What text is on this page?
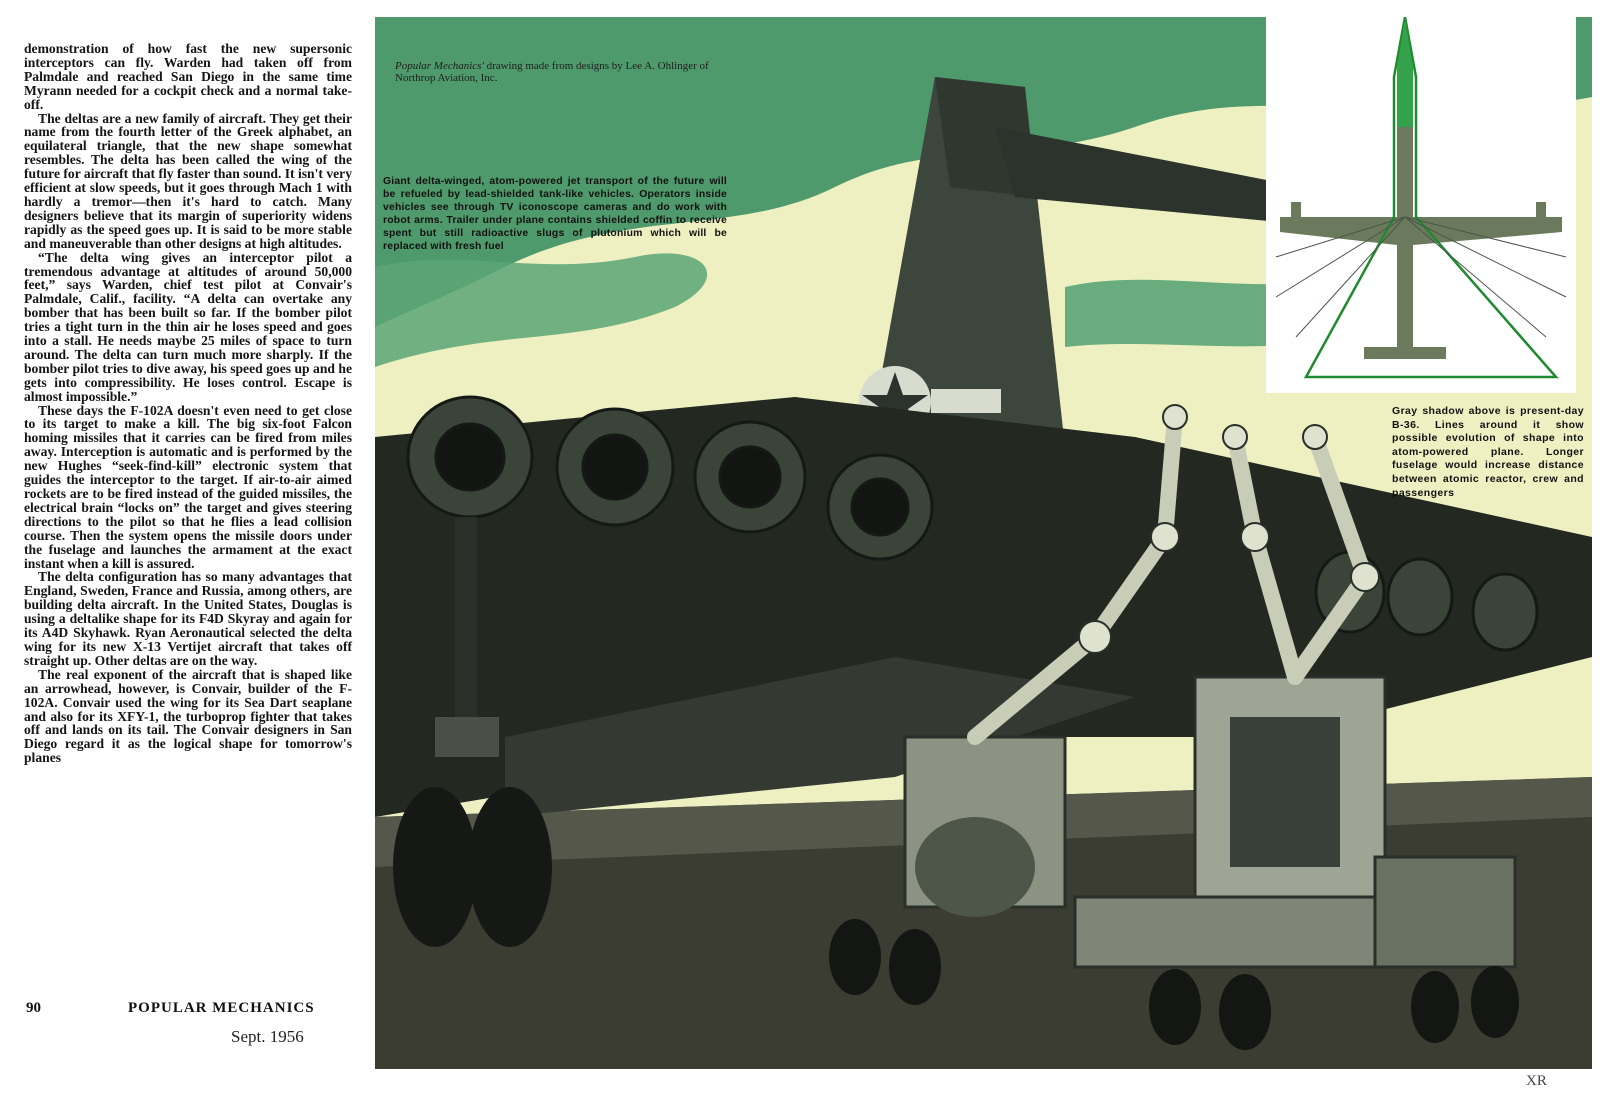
demonstration of how fast the new supersonic interceptors can fly. Warden had taken off from Palmdale and reached San Diego in the same time Myrann needed for a cockpit check and a normal take-off.

The deltas are a new family of aircraft. They get their name from the fourth letter of the Greek alphabet, an equilateral triangle, that the new shape somewhat resembles. The delta has been called the wing of the future for aircraft that fly faster than sound. It isn't very efficient at slow speeds, but it goes through Mach 1 with hardly a tremor—then it's hard to catch. Many designers believe that its margin of superiority widens rapidly as the speed goes up. It is said to be more stable and maneuverable than other designs at high altitudes.

“The delta wing gives an interceptor pilot a tremendous advantage at altitudes of around 50,000 feet,” says Warden, chief test pilot at Convair's Palmdale, Calif., facility. “A delta can overtake any bomber that has been built so far. If the bomber pilot tries a tight turn in the thin air he loses speed and goes into a stall. He needs maybe 25 miles of space to turn around. The delta can turn much more sharply. If the bomber pilot tries to dive away, his speed goes up and he gets into compressibility. He loses control. Escape is almost impossible.”

These days the F-102A doesn't even need to get close to its target to make a kill. The big six-foot Falcon homing missiles that it carries can be fired from miles away. Interception is automatic and is performed by the new Hughes “seek-find-kill” electronic system that guides the interceptor to the target. If air-to-air aimed rockets are to be fired instead of the guided missiles, the electrical brain “locks on” the target and gives steering directions to the pilot so that he flies a lead collision course. Then the system opens the missile doors under the fuselage and launches the armament at the exact instant when a kill is assured.

The delta configuration has so many advantages that England, Sweden, France and Russia, among others, are building delta aircraft. In the United States, Douglas is using a deltalike shape for its F4D Skyray and again for its A4D Skyhawk. Ryan Aeronautical selected the delta wing for its new X-13 Vertijet aircraft that takes off straight up. Other deltas are on the way.

The real exponent of the aircraft that is shaped like an arrowhead, however, is Convair, builder of the F-102A. Convair used the wing for its Sea Dart seaplane and also for its XFY-1, the turboprop fighter that takes off and lands on its tail. The Convair designers in San Diego regard it as the logical shape for tomorrow's planes

90	POPULAR MECHANICS
Sept. 1956
Popular Mechanics' drawing made from designs by Lee A. Ohlinger of Northrop Aviation, Inc.
Giant delta-winged, atom-powered jet transport of the future will be refueled by lead-shielded tank-like vehicles. Operators inside vehicles see through TV iconoscope cameras and do work with robot arms. Trailer under plane contains shielded coffin to receive spent but still radioactive slugs of plutonium which will be replaced with fresh fuel
Gray shadow above is present-day B-36. Lines around it show possible evolution of shape into atom-powered plane. Longer fuselage would increase distance between atomic reactor, crew and passengers
XR
